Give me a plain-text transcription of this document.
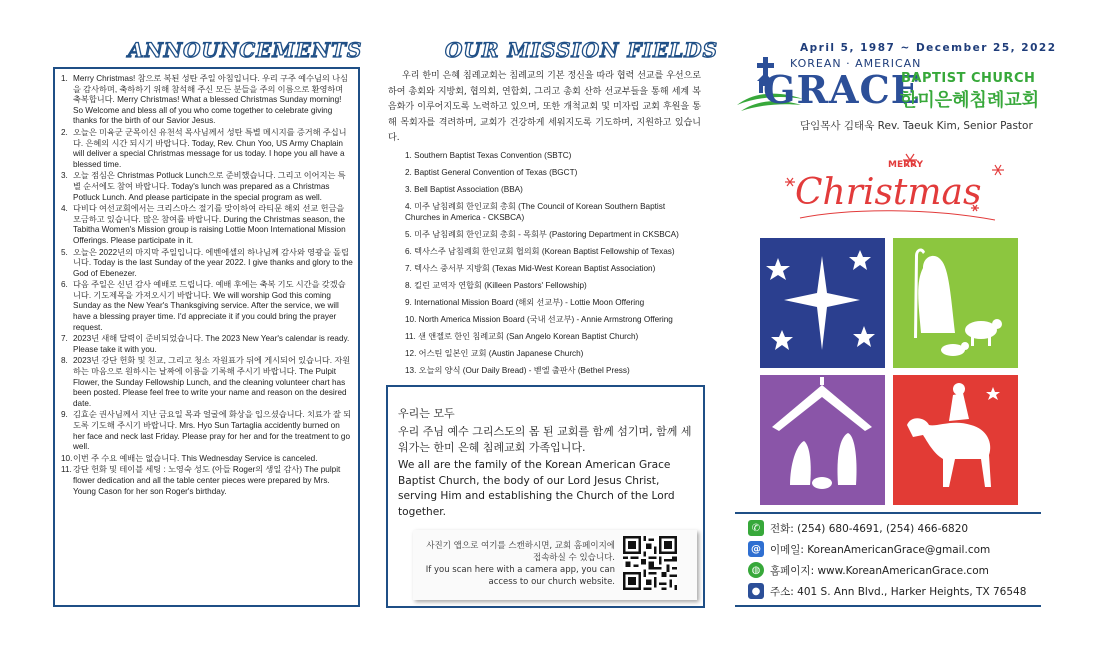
ANNOUNCEMENTS
1. Merry Christmas! 참으로 복된 성탄 주일 아침입니다. 우리 구주 예수님의 나심을 감사하며, 축하하기 위해 참석해 주신 모든 분들을 주의 이름으로 환영하며 축복합니다. Merry Christmas! What a blessed Christmas Sunday morning! So Welcome and bless all of you who come together to celebrate giving thanks for the birth of our Savior Jesus.
2. 오늘은 미육군 군목이신 유천석 목사님께서 성탄 특별 메시지를 증거해 주십니다. 은혜의 시간 되시기 바랍니다. Today, Rev. Chun Yoo, US Army Chaplain will deliver a special Christmas message for us today. I hope you all have a blessed time.
3. 오늘 점심은 Christmas Potluck Lunch으로 준비했습니다. 그리고 이어지는 특별 순서에도 참여 바랍니다. Today's lunch was prepared as a Christmas Potluck Lunch. And please participate in the special program as well.
4. 다비다 여선교회에서는 크리스마스 절기를 맞이하여 라티문 해외 선교 헌금을 모금하고 있습니다. 많은 참여를 바랍니다. During the Christmas season, the Tabitha Women's Mission group is raising Lottie Moon International Mission Offerings. Please participate in it.
5. 오늘은 2022년의 마지막 주일입니다. 에벤에셀의 하나님께 감사와 영광을 돌립니다. Today is the last Sunday of the year 2022. I give thanks and glory to the God of Ebenezer.
6. 다음 주일은 신년 감사 예배로 드립니다. 예배 후에는 축복 기도 시간을 갖겠습니다. 기도제목을 가져오시기 바랍니다. We will worship God this coming Sunday as the New Year's Thanksgiving service. After the service, we will have a blessing prayer time. I'd appreciate it if you could bring the prayer request.
7. 2023년 새해 달력이 준비되었습니다. The 2023 New Year's calendar is ready. Please take it with you.
8. 2023년 강단 헌화 및 친교, 그리고 청소 자원표가 뒤에 게시되어 있습니다. 자원하는 마음으로 원하시는 날짜에 이름을 기록해 주시기 바랍니다. The Pulpit Flower, the Sunday Fellowship Lunch, and the cleaning volunteer chart has been posted. Please feel free to write your name and reason on the desired date.
9. 김효순 권사님께서 지난 금요일 목과 얼굴에 화상을 입으셨습니다. 치료가 잘 되도록 기도해 주시기 바랍니다. Mrs. Hyo Sun Tartaglia accidently burned on her face and neck last Friday. Please pray for her and for the treatment to go well.
10. 이번 주 수요 예배는 없습니다. This Wednesday Service is canceled.
11. 강단 헌화 및 테이블 세팅 : 노영숙 성도 (아들 Roger의 생일 감사) The pulpit flower dedication and all the table center pieces were prepared by Mrs. Young Cason for her son Roger's birthday.
OUR MISSION FIELDS

우리 한미 은혜 침례교회는 침례교의 기본 정신을 따라 협력 선교를 우선으로 하여 총회와 지방회, 협의회, 연합회, 그리고 총회 산하 선교부들을 통해 세계 복음화가 이루어지도록 노력하고 있으며, 또한 개척교회 및 미자립 교회 후원을 통해 목회자를 격려하며, 교회가 건강하게 세워지도록 기도하며, 지원하고 있습니다.

1. Southern Baptist Texas Convention (SBTC)
2. Baptist General Convention of Texas (BGCT)
3. Bell Baptist Association (BBA)
4. 미주 남침례회 한인교회 총회 (The Council of Korean Southern Baptist Churches in America - CKSBCA)
5. 미주 남침례회 한인교회 총회 - 목회부 (Pastoring Department in CKSBCA)
6. 텍사스주 남침례회 한인교회 협의회 (Korean Baptist Fellowship of Texas)
7. 텍사스 중서부 지방회 (Texas Mid-West Korean Baptist Association)
8. 킬린 교역자 연합회 (Killeen Pastors' Fellowship)
9. International Mission Board (해외 선교부) - Lottie Moon Offering
10. North America Mission Board (국내 선교부) - Annie Armstrong Offering
11. 샌 앤젤로 한인 침례교회 (San Angelo Korean Baptist Church)
12. 어스틴 일본인 교회 (Austin Japanese Church)
13. 오늘의 양식 (Our Daily Bread) - 벧엘 출판사 (Bethel Press)
우리는 모두
우리 주님 예수 그리스도의 몸 된 교회를 함께 섬기며, 함께 세워가는 한미 은혜 침례교회 가족입니다.
We all are the family of the Korean American Grace Baptist Church, the body of our Lord Jesus Christ, serving Him and establishing the Church of the Lord together.
사진기 앱으로 여기를 스캔하시면, 교회 홈페이지에 접속하실 수 있습니다.
If you scan here with a camera app, you can access to our church website.
April 5, 1987 ~ December 25, 2022
KOREAN · AMERICAN
GRACE
BAPTIST CHURCH
한미은혜침례교회
담임목사 김태욱 Rev. Taeuk Kim, Senior Pastor
MERRY
Christmas
✆ 전화: (254) 680-4691, (254) 466-6820
@ 이메일: KoreanAmericanGrace@gmail.com
◍ 홈페이지: www.KoreanAmericanGrace.com
● 주소: 401 S. Ann Blvd., Harker Heights, TX 76548
